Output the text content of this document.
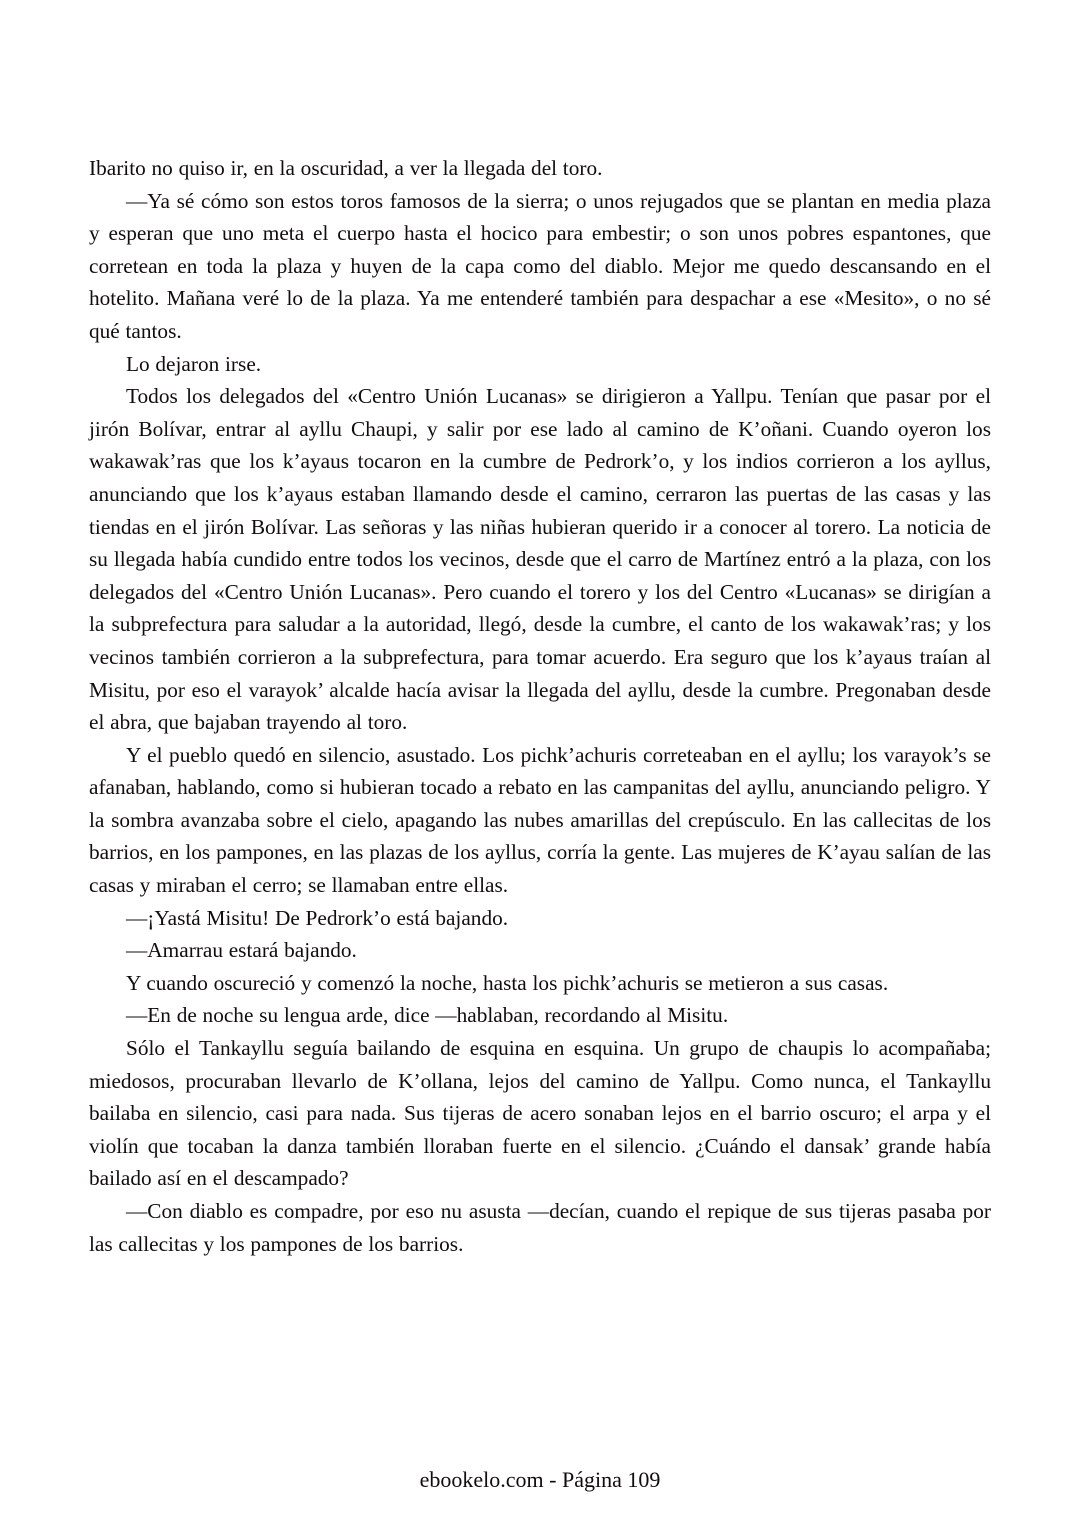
Ibarito no quiso ir, en la oscuridad, a ver la llegada del toro.

—Ya sé cómo son estos toros famosos de la sierra; o unos rejugados que se plantan en media plaza y esperan que uno meta el cuerpo hasta el hocico para embestir; o son unos pobres espantones, que corretean en toda la plaza y huyen de la capa como del diablo. Mejor me quedo descansando en el hotelito. Mañana veré lo de la plaza. Ya me entenderé también para despachar a ese «Mesito», o no sé qué tantos.

Lo dejaron irse.

Todos los delegados del «Centro Unión Lucanas» se dirigieron a Yallpu. Tenían que pasar por el jirón Bolívar, entrar al ayllu Chaupi, y salir por ese lado al camino de K’oñani. Cuando oyeron los wakawak’ras que los k’ayaus tocaron en la cumbre de Pedrork’o, y los indios corrieron a los ayllus, anunciando que los k’ayaus estaban llamando desde el camino, cerraron las puertas de las casas y las tiendas en el jirón Bolívar. Las señoras y las niñas hubieran querido ir a conocer al torero. La noticia de su llegada había cundido entre todos los vecinos, desde que el carro de Martínez entró a la plaza, con los delegados del «Centro Unión Lucanas». Pero cuando el torero y los del Centro «Lucanas» se dirigían a la subprefectura para saludar a la autoridad, llegó, desde la cumbre, el canto de los wakawak’ras; y los vecinos también corrieron a la subprefectura, para tomar acuerdo. Era seguro que los k’ayaus traían al Misitu, por eso el varayok’ alcalde hacía avisar la llegada del ayllu, desde la cumbre. Pregonaban desde el abra, que bajaban trayendo al toro.

Y el pueblo quedó en silencio, asustado. Los pichk’achuris correteaban en el ayllu; los varayok’s se afanaban, hablando, como si hubieran tocado a rebato en las campanitas del ayllu, anunciando peligro. Y la sombra avanzaba sobre el cielo, apagando las nubes amarillas del crepúsculo. En las callecitas de los barrios, en los pampones, en las plazas de los ayllus, corría la gente. Las mujeres de K’ayau salían de las casas y miraban el cerro; se llamaban entre ellas.

—¡Yastá Misitu! De Pedrork’o está bajando.

—Amarrau estará bajando.

Y cuando oscureció y comenzó la noche, hasta los pichk’achuris se metieron a sus casas.

—En de noche su lengua arde, dice —hablaban, recordando al Misitu.

Sólo el Tankayllu seguía bailando de esquina en esquina. Un grupo de chaupis lo acompañaba; miedosos, procuraban llevarlo de K’ollana, lejos del camino de Yallpu. Como nunca, el Tankayllu bailaba en silencio, casi para nada. Sus tijeras de acero sonaban lejos en el barrio oscuro; el arpa y el violín que tocaban la danza también lloraban fuerte en el silencio. ¿Cuándo el dansak’ grande había bailado así en el descampado?

—Con diablo es compadre, por eso nu asusta —decían, cuando el repique de sus tijeras pasaba por las callecitas y los pampones de los barrios.

ebookelo.com - Página 109
